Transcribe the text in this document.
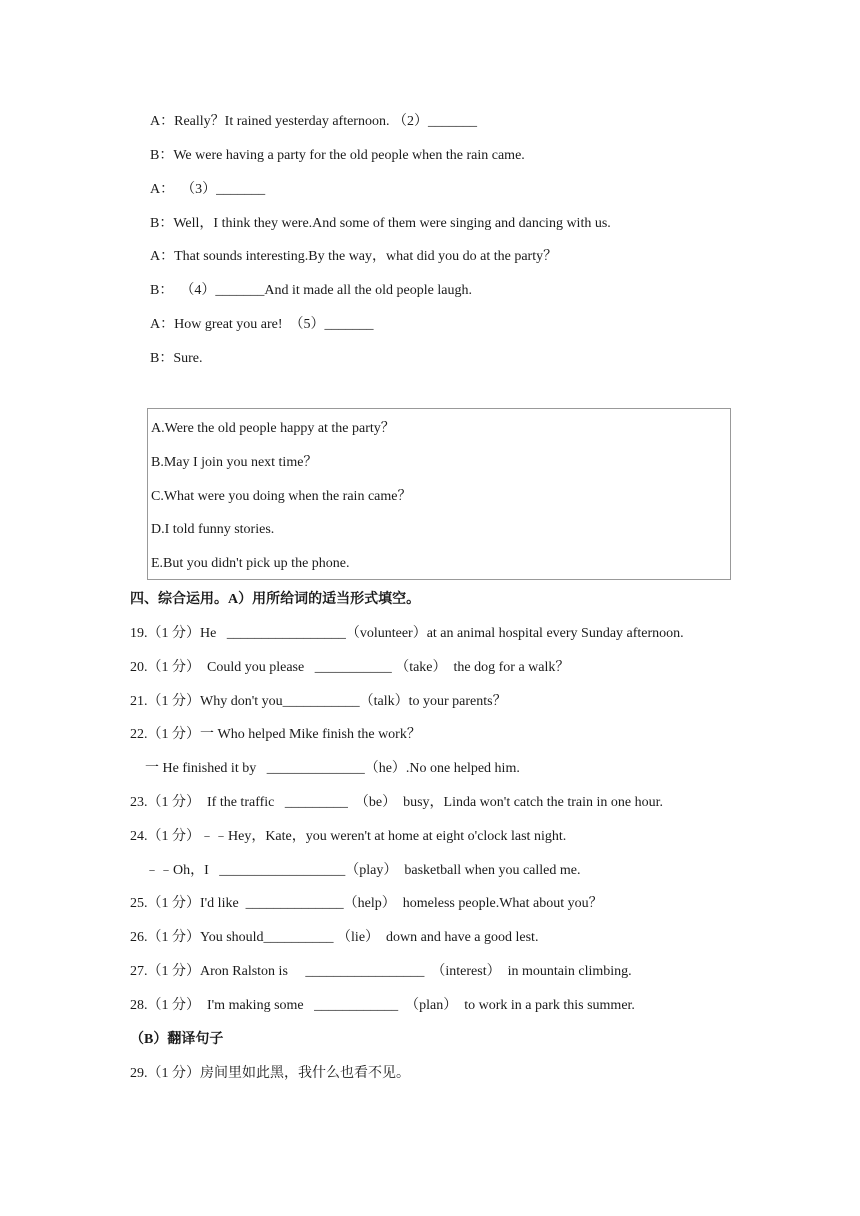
A：Really？It rained yesterday afternoon. （2）_______
B：We were having a party for the old people when the rain came.
A：  （3）_______
B：Well，I think they were.And some of them were singing and dancing with us.
A：That sounds interesting.By the way，what did you do at the party？
B：  （4）_______And it made all the old people laugh.
A：How great you are!  （5）_______
B：Sure.
A.Were the old people happy at the party？
B.May I join you next time？
C.What were you doing when the rain came？
D.I told funny stories.
E.But you didn't pick up the phone.
四、综合运用。A）用所给词的适当形式填空。
19.（1 分）He   _________________（volunteer）at an animal hospital every Sunday afternoon.
20.（1 分）  Could you please   ___________ （take）  the dog for a walk？
21.（1 分）Why don't you___________（talk）to your parents？
22.（1 分）一 Who helped Mike finish the work？
一 He finished it by   ______________（he）.No one helped him.
23.（1 分）  If the traffic   _________  （be）  busy，Linda won't catch the train in one hour.
24.（1 分）﹣﹣Hey，Kate，you weren't at home at eight o'clock last night.
﹣﹣Oh，I   __________________（play）  basketball when you called me.
25.（1 分）I'd like  ______________（help）  homeless people.What about you？
26.（1 分）You should__________ （lie）  down and have a good lest.
27.（1 分）Aron Ralston is     _________________  （interest）  in mountain climbing.
28.（1 分）  I'm making some   ____________  （plan）  to work in a park this summer.
（B）翻译句子
29.（1 分）房间里如此黑，我什么也看不见。
